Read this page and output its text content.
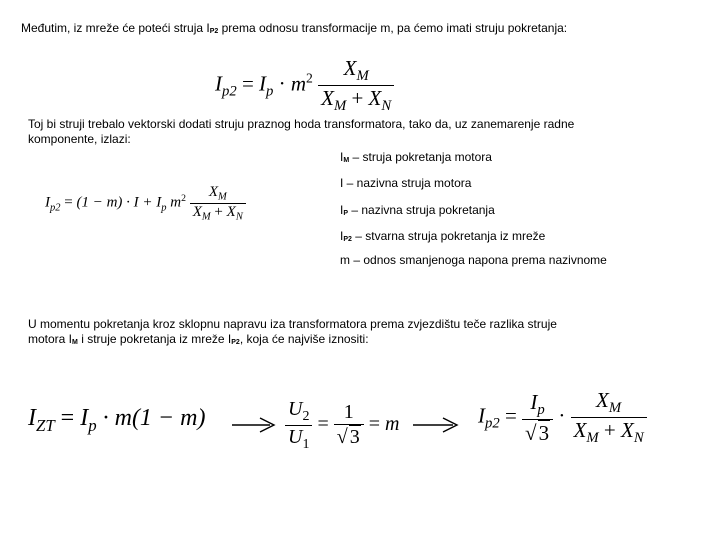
Međutim, iz mreže će poteći struja IP2 prema odnosu transformacije m, pa ćemo imati struju pokretanja:
$I_{p2} = I_p \cdot m^2 \frac{X_M}{X_M + X_N}$
Toj bi struji trebalo vektorski dodati struju praznog hoda transformatora, tako da, uz zanemarenje radne
komponente, izlazi:
$I_{p2} = (1 - m) \cdot I + I_p$ $m^2 \frac{X_M}{X_M + X_N}$
IM – struja pokretanja motora
I – nazivna struja motora
IP – nazivna struja pokretanja
IP2 – stvarna struja pokretanja iz mreže
m – odnos smanjenoga napona prema nazivnome
U momentu pokretanja kroz sklopnu napravu iza transformatora prema zvjezdištu teče razlika struje
motora IM i struje pokretanja iz mreže IP2, koja će najviše iznositi:
$I_{ZT} = I_p \cdot m(1 - m)$	$\frac{U_2}{U_1} = \frac{1}{√ 3} = m$	$I_{p2} = \frac{I_p}{√3} \cdot \frac{X_M}{X_M + X_N}$
